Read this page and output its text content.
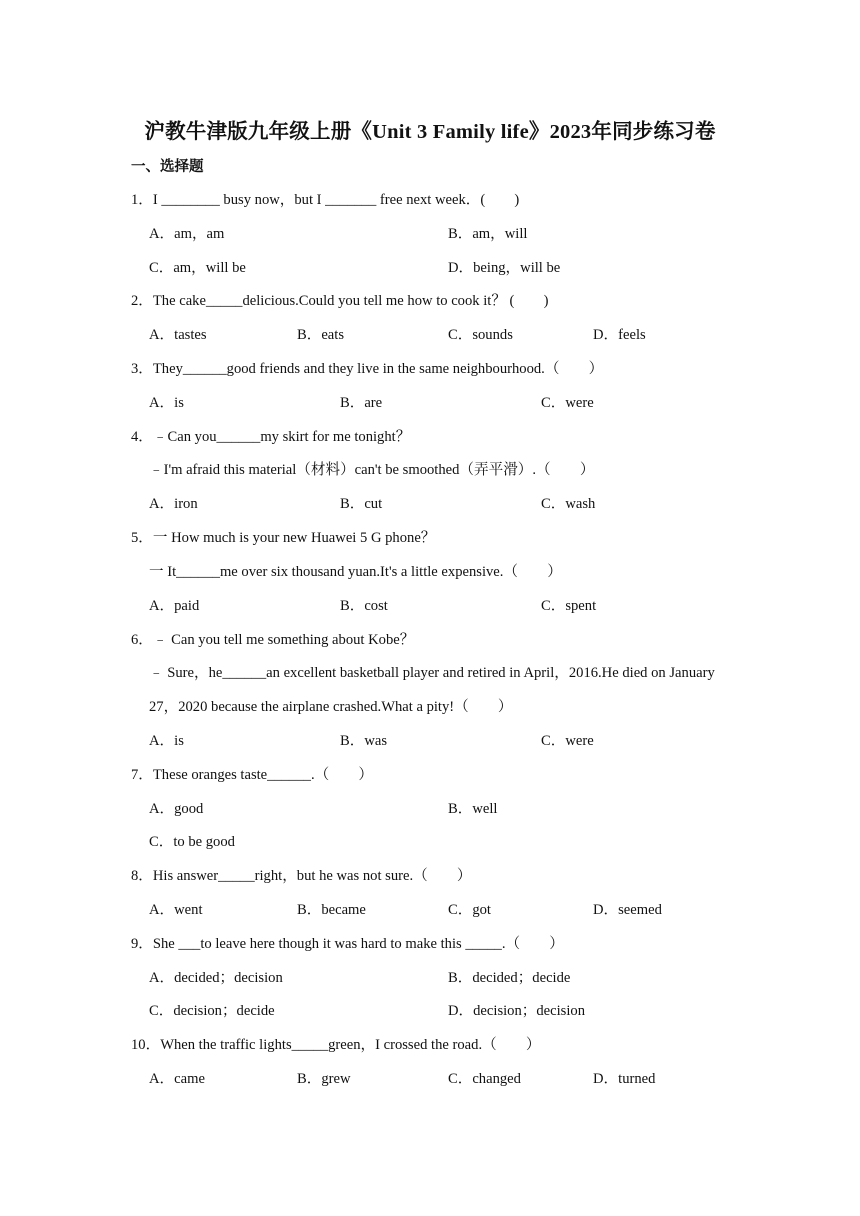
沪教牛津版九年级上册《Unit 3 Family life》2023年同步练习卷
一、选择题
1．I ________ busy now，but I _______ free next week．(　　)
A．am，am	B．am，will
C．am，will be	D．being，will be
2．The cake_____delicious.Could you tell me how to cook it？ (　　)
A．tastes	B．eats	C．sounds	D．feels
3．They______good friends and they live in the same neighbourhood.（　　）
A．is	B．are	C．were
4．﹣Can you______my skirt for me tonight？
﹣I'm afraid this material（材料）can't be smoothed（弄平滑）.（　　）
A．iron	B．cut	C．wash
5．一 How much is your new Huawei 5 G phone？
一 It______me over six thousand yuan.It's a little expensive.（　　）
A．paid	B．cost	C．spent
6．﹣ Can you tell me something about Kobe？
﹣ Sure，he______an excellent basketball player and retired in April，2016.He died on January
27，2020 because the airplane crashed.What a pity!（　　）
A．is	B．was	C．were
7．These oranges taste______.（　　）
A．good	B．well
C．to be good
8．His answer_____right，but he was not sure.（　　）
A．went	B．became	C．got	D．seemed
9．She ___to leave here though it was hard to make this _____.（　　）
A．decided；decision	B．decided；decide
C．decision；decide	D．decision；decision
10．When the traffic lights_____green，I crossed the road.（　　）
A．came	B．grew	C．changed	D．turned
